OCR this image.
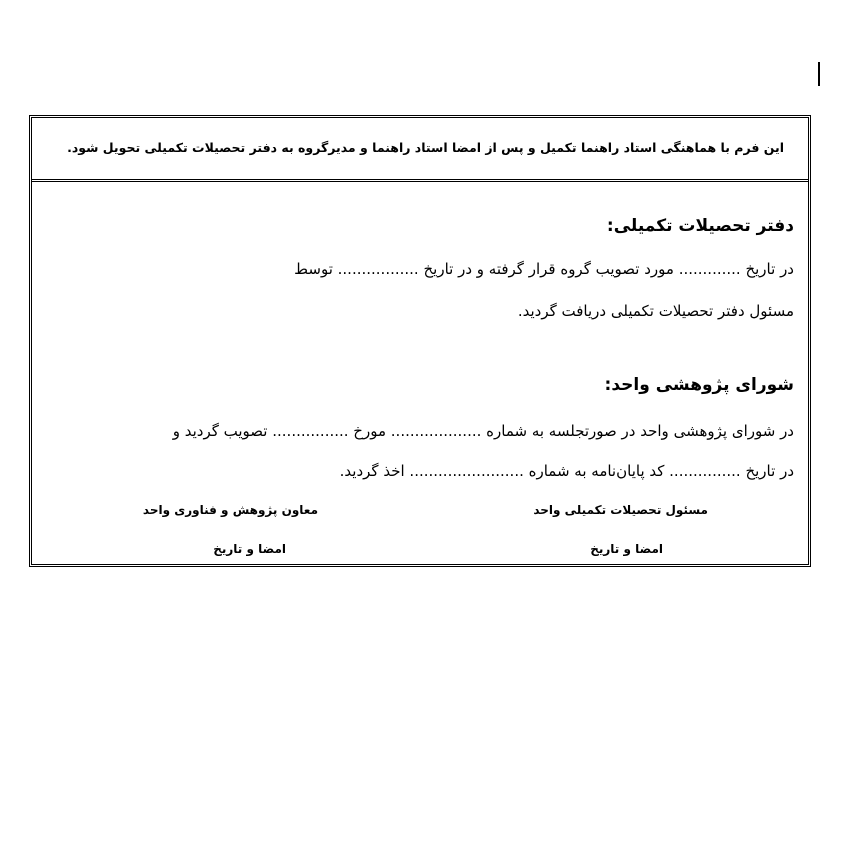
این فرم با هماهنگی استاد راهنما تکمیل و پس از امضا استاد راهنما و مدیرگروه به دفتر تحصیلات تکمیلی تحویل شود.
دفتر تحصیلات تکمیلی:
در تاریخ ............. مورد تصویب گروه قرار گرفته و در تاریخ ................. توسط
مسئول دفتر تحصیلات تکمیلی دریافت گردید.
شورای پژوهشی واحد:
در شورای پژوهشی واحد در صورتجلسه به شماره ................... مورخ ................ تصویب گردید و
در تاریخ ............... کد پایان‌نامه به شماره ........................ اخذ گردید.
مسئول تحصیلات تکمیلی واحد
امضا و تاریخ
معاون پژوهش و فناوری واحد
امضا و تاریخ
